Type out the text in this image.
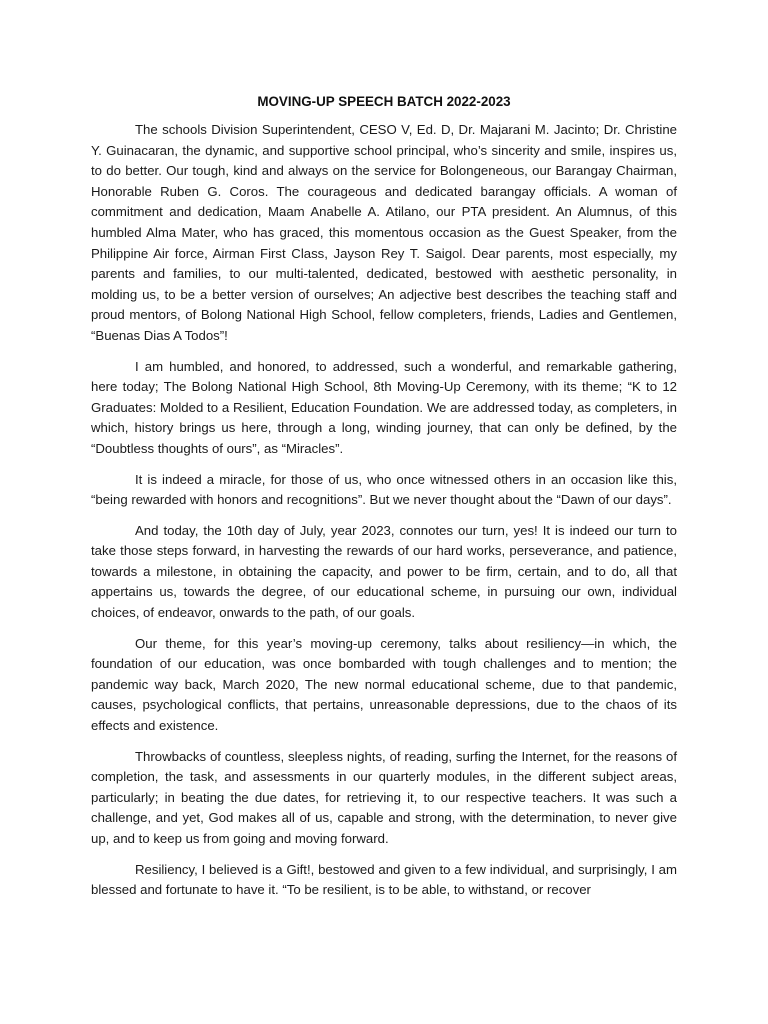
MOVING-UP SPEECH BATCH 2022-2023

The schools Division Superintendent, CESO V, Ed. D, Dr. Majarani M. Jacinto; Dr. Christine Y. Guinacaran, the dynamic, and supportive school principal, who’s sincerity and smile, inspires us, to do better. Our tough, kind and always on the service for Bolongeneous, our Barangay Chairman, Honorable Ruben G. Coros. The courageous and dedicated barangay officials. A woman of commitment and dedication, Maam Anabelle A. Atilano, our PTA president. An Alumnus, of this humbled Alma Mater, who has graced, this momentous occasion as the Guest Speaker, from the Philippine Air force, Airman First Class, Jayson Rey T. Saigol. Dear parents, most especially, my parents and families, to our multi-talented, dedicated, bestowed with aesthetic personality, in molding us, to be a better version of ourselves; An adjective best describes the teaching staff and proud mentors, of Bolong National High School, fellow completers, friends, Ladies and Gentlemen, “Buenas Dias A Todos”!

I am humbled, and honored, to addressed, such a wonderful, and remarkable gathering, here today; The Bolong National High School, 8th Moving-Up Ceremony, with its theme; “K to 12 Graduates: Molded to a Resilient, Education Foundation. We are addressed today, as completers, in which, history brings us here, through a long, winding journey, that can only be defined, by the “Doubtless thoughts of ours”, as “Miracles”.

It is indeed a miracle, for those of us, who once witnessed others in an occasion like this, “being rewarded with honors and recognitions”. But we never thought about the “Dawn of our days”.

And today, the 10th day of July, year 2023, connotes our turn, yes! It is indeed our turn to take those steps forward, in harvesting the rewards of our hard works, perseverance, and patience, towards a milestone, in obtaining the capacity, and power to be firm, certain, and to do, all that appertains us, towards the degree, of our educational scheme, in pursuing our own, individual choices, of endeavor, onwards to the path, of our goals.

Our theme, for this year’s moving-up ceremony, talks about resiliency—in which, the foundation of our education, was once bombarded with tough challenges and to mention; the pandemic way back, March 2020, The new normal educational scheme, due to that pandemic, causes, psychological conflicts, that pertains, unreasonable depressions, due to the chaos of its effects and existence.

Throwbacks of countless, sleepless nights, of reading, surfing the Internet, for the reasons of completion, the task, and assessments in our quarterly modules, in the different subject areas, particularly; in beating the due dates, for retrieving it, to our respective teachers. It was such a challenge, and yet, God makes all of us, capable and strong, with the determination, to never give up, and to keep us from going and moving forward.

Resiliency, I believed is a Gift!, bestowed and given to a few individual, and surprisingly, I am blessed and fortunate to have it. “To be resilient, is to be able, to withstand, or recover
